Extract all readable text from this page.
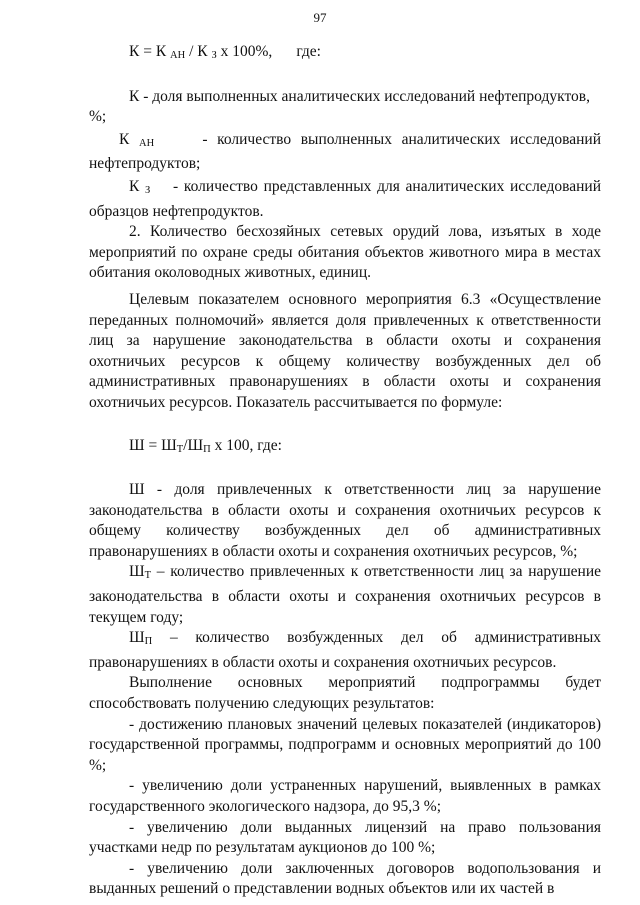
97
К = К АН / К З х 100%, где:

К - доля выполненных аналитических исследований нефтепродуктов,

%;

К АН	- количество выполненных аналитических исследований

нефтепродуктов;

К З - количество представленных для аналитических исследований

образцов нефтепродуктов.

2. Количество бесхозяйных сетевых орудий лова, изъятых в ходе мероприятий по охране среды обитания объектов животного мира в местах обитания околоводных животных, единиц.

Целевым показателем основного мероприятия 6.3 «Осуществление переданных полномочий» является доля привлеченных к ответственности лиц за нарушение законодательства в области охоты и сохранения охотничьих ресурсов к общему количеству возбужденных дел об административных правонарушениях в области охоты и сохранения охотничьих ресурсов. Показатель рассчитывается по формуле:

Ш = ШТ/ШП х 100, где:

Ш - доля привлеченных к ответственности лиц за нарушение законодательства в области охоты и сохранения охотничьих ресурсов к общему количеству возбужденных дел об административных правонарушениях в области охоты и сохранения охотничьих ресурсов, %;

ШТ – количество привлеченных к ответственности лиц за нарушение законодательства в области охоты и сохранения охотничьих ресурсов в текущем году;

ШП – количество возбужденных дел об административных правонарушениях в области охоты и сохранения охотничьих ресурсов.

Выполнение основных мероприятий подпрограммы будет способствовать получению следующих результатов:

- достижению плановых значений целевых показателей (индикаторов) государственной программы, подпрограмм и основных мероприятий до 100 %;

- увеличению доли устраненных нарушений, выявленных в рамках государственного экологического надзора, до 95,3 %;

- увеличению доли выданных лицензий на право пользования участками недр по результатам аукционов до 100 %;

- увеличению доли заключенных договоров водопользования и выданных решений о представлении водных объектов или их частей в
